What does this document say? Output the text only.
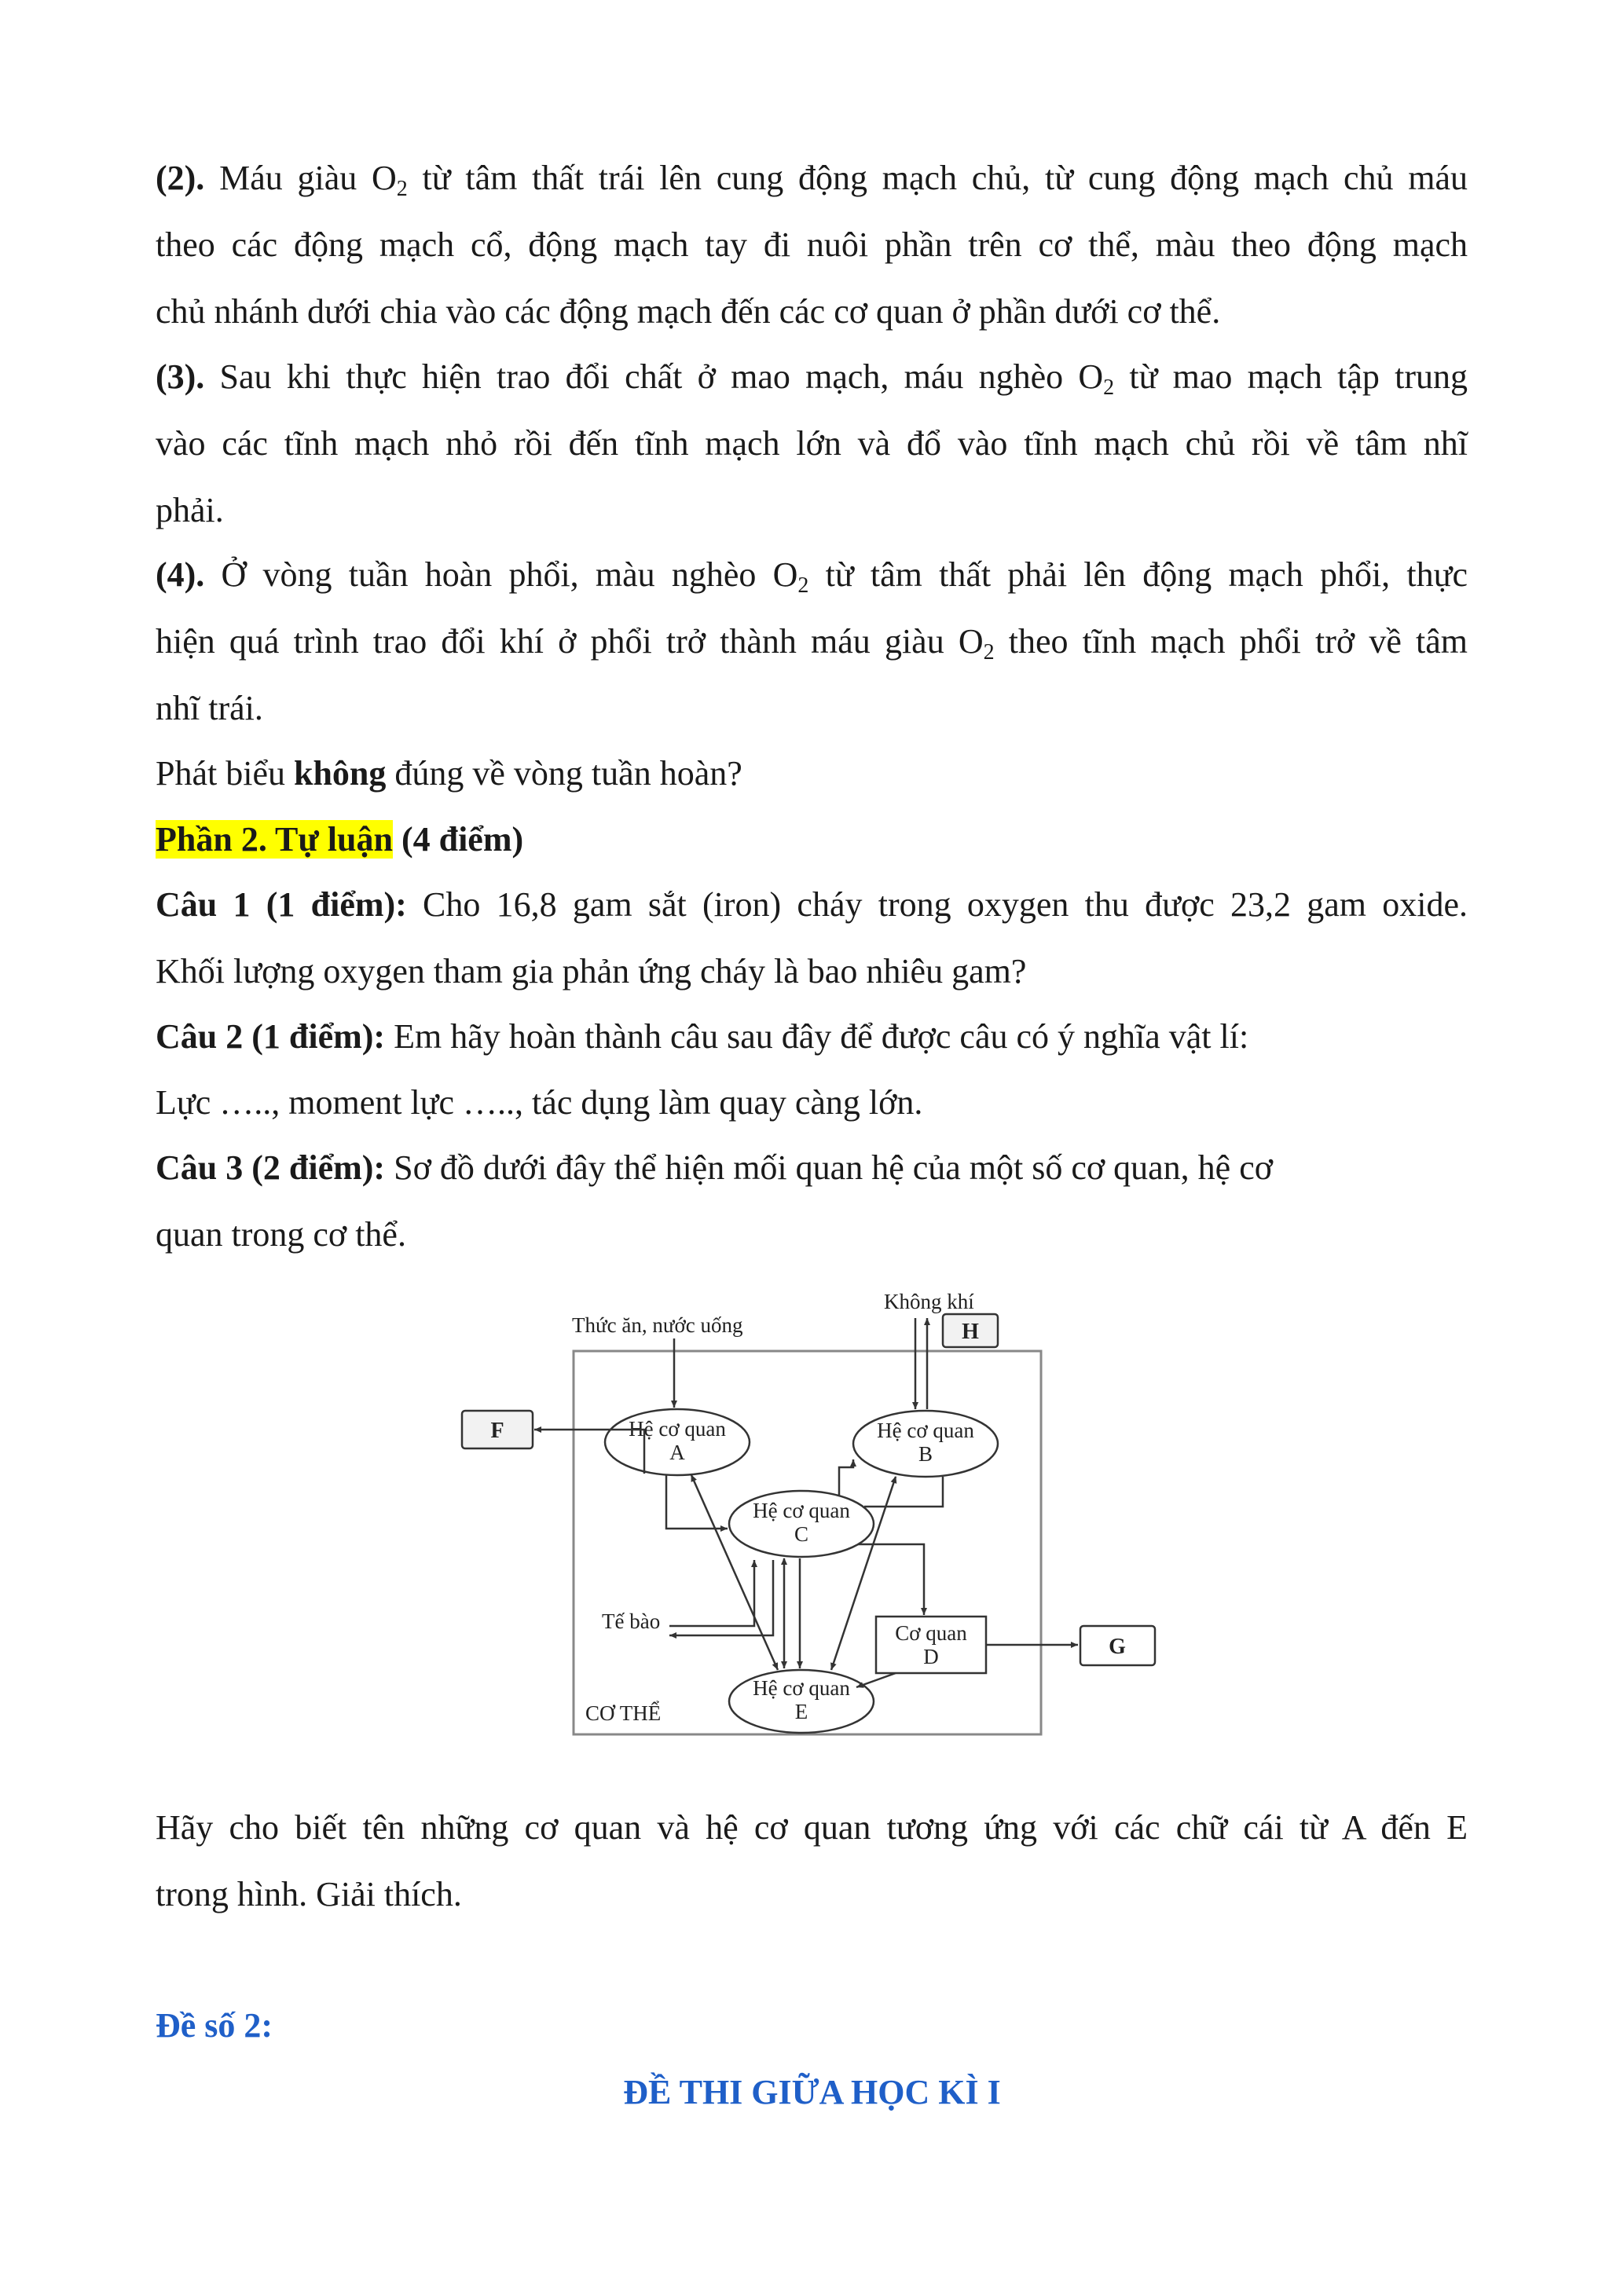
(2). Máu giàu $O_2$ từ tâm thất trái lên cung động mạch chủ, từ cung động mạch chủ máu
theo các động mạch cổ, động mạch tay đi nuôi phần trên cơ thể, màu theo động mạch
chủ nhánh dưới chia vào các động mạch đến các cơ quan ở phần dưới cơ thể.
(3). Sau khi thực hiện trao đổi chất ở mao mạch, máu nghèo $O_2$ từ mao mạch tập trung
vào các tĩnh mạch nhỏ rồi đến tĩnh mạch lớn và đổ vào tĩnh mạch chủ rồi về tâm nhĩ
phải.
(4). Ở vòng tuần hoàn phổi, màu nghèo $O_2$ từ tâm thất phải lên động mạch phổi, thực
hiện quá trình trao đổi khí ở phổi trở thành máu giàu $O_2$ theo tĩnh mạch phổi trở về tâm
nhĩ trái.
Phát biểu không đúng về vòng tuần hoàn?
Phần 2. Tự luận (4 điểm)
Câu 1 (1 điểm): Cho 16,8 gam sắt (iron) cháy trong oxygen thu được 23,2 gam oxide.
Khối lượng oxygen tham gia phản ứng cháy là bao nhiêu gam?
Câu 2 (1 điểm): Em hãy hoàn thành câu sau đây để được câu có ý nghĩa vật lí:
Lực ….., moment lực ….., tác dụng làm quay càng lớn.
Câu 3 (2 điểm): Sơ đồ dưới đây thể hiện mối quan hệ của một số cơ quan, hệ cơ
quan trong cơ thể.
Thức ăn, nước uống
Không khí
Tế bào
CƠ THỂ
H
F
G
Hệ cơ quan
A
Hệ cơ quan
B
Hệ cơ quan
C
Cơ quan
D
Hệ cơ quan
E
Hãy cho biết tên những cơ quan và hệ cơ quan tương ứng với các chữ cái từ A đến E
trong hình. Giải thích.
Đề số 2:
ĐỀ THI GIỮA HỌC KÌ I
